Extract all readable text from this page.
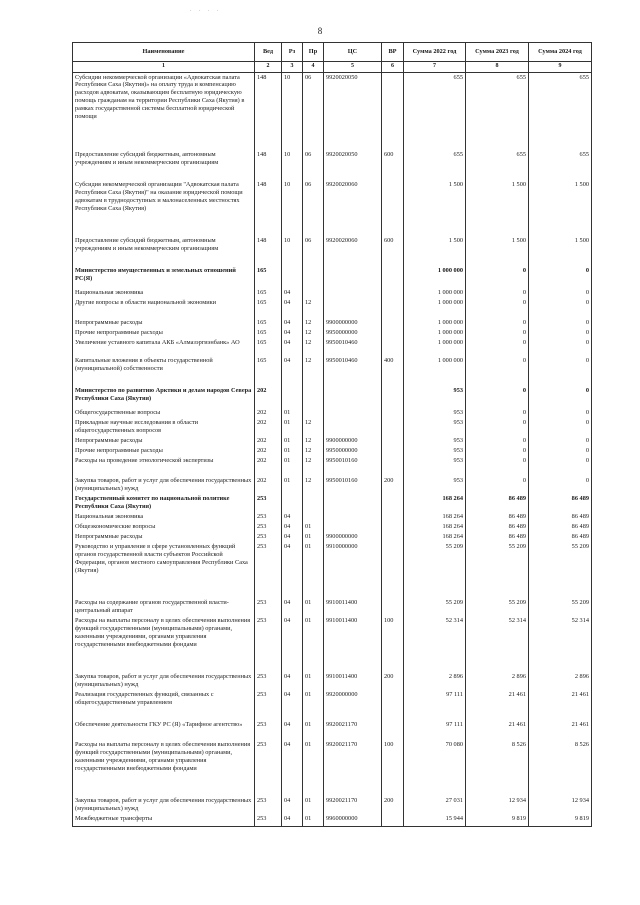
. . . .
8
Наименование	Вед	Рз	Пр	ЦС	ВР	Сумма 2022 год	Сумма 2023 год	Сумма 2024 год
1	2	3	4	5	6	7	8	9
Субсидии некоммерческой организации «Адвокатская палата Республики Саха (Якутия)» на оплату труда и компенсацию расходов адвокатам, оказывающим бесплатную юридическую помощь гражданам на территории Республики Саха (Якутия) в рамках государственной системы бесплатной юридической помощи	148	10	06	9920020050		655	655	655
Предоставление субсидий бюджетным, автономным учреждениям и иным некоммерческим организациям	148	10	06	9920020050	600	655	655	655
Субсидия некоммерческой организации "Адвокатская палата Республики Саха (Якутия)" на оказание юридической помощи адвокатам в труднодоступных и малонаселенных местностях Республики Саха (Якутия)	148	10	06	9920020060		1 500	1 500	1 500
Предоставление субсидий бюджетным, автономным учреждениям и иным некоммерческим организациям	148	10	06	9920020060	600	1 500	1 500	1 500
Министерство имущественных и земельных отношений РС(Я)	165					1 000 000	0	0
Национальная экономика	165	04				1 000 000	0	0
Другие вопросы в области национальной экономики	165	04	12			1 000 000	0	0
Непрограммные расходы	165	04	12	9900000000		1 000 000	0	0
Прочие непрограммные расходы	165	04	12	9950000000		1 000 000	0	0
Увеличение уставного капитала АКБ «Алмазэргиэнбанк» АО	165	04	12	9950010460		1 000 000	0	0
Капитальные вложения в объекты государственной (муниципальной) собственности	165	04	12	9950010460	400	1 000 000	0	0
Министерство по развитию Арктики и делам народов Севера Республики Саха (Якутия)	202					953	0	0
Общегосударственные вопросы	202	01				953	0	0
Прикладные научные исследования в области общегосударственных вопросов	202	01	12			953	0	0
Непрограммные расходы	202	01	12	9900000000		953	0	0
Прочие непрограммные расходы	202	01	12	9950000000		953	0	0
Расходы на проведение этнологической экспертизы	202	01	12	9950010160		953	0	0
Закупка товаров, работ и услуг для обеспечения государственных (муниципальных) нужд	202	01	12	9950010160	200	953	0	0
Государственный комитет по национальной политике Республики Саха (Якутия)	253					168 264	86 489	86 489
Национальная экономика	253	04				168 264	86 489	86 489
Общеэкономические вопросы	253	04	01			168 264	86 489	86 489
Непрограммные расходы	253	04	01	9900000000		168 264	86 489	86 489
Руководство и управление в сфере установленных функций органов государственной власти субъектов Российской Федерации, органов местного самоуправления Республики Саха (Якутия)	253	04	01	9910000000		55 209	55 209	55 209
Расходы на содержание органов государственной власти- центральный аппарат	253	04	01	9910011400		55 209	55 209	55 209
Расходы на выплаты персоналу в целях обеспечения выполнения функций государственными (муниципальными) органами, казенными учреждениями, органами управления государственными внебюджетными фондами	253	04	01	9910011400	100	52 314	52 314	52 314
Закупка товаров, работ и услуг для обеспечения государственных (муниципальных) нужд	253	04	01	9910011400	200	2 896	2 896	2 896
Реализация государственных функций, связанных с общегосударственным управлением	253	04	01	9920000000		97 111	21 461	21 461
Обеспечение деятельности ГКУ РС (Я) «Тарифное агентство»	253	04	01	9920021170		97 111	21 461	21 461
Расходы на выплаты персоналу в целях обеспечения выполнения функций государственными (муниципальными) органами, казенными учреждениями, органами управления государственными внебюджетными фондами	253	04	01	9920021170	100	70 080	8 526	8 526
Закупка товаров, работ и услуг для обеспечения государственных (муниципальных) нужд	253	04	01	9920021170	200	27 031	12 934	12 934
Межбюджетные трансферты	253	04	01	9960000000		15 944	9 819	9 819
